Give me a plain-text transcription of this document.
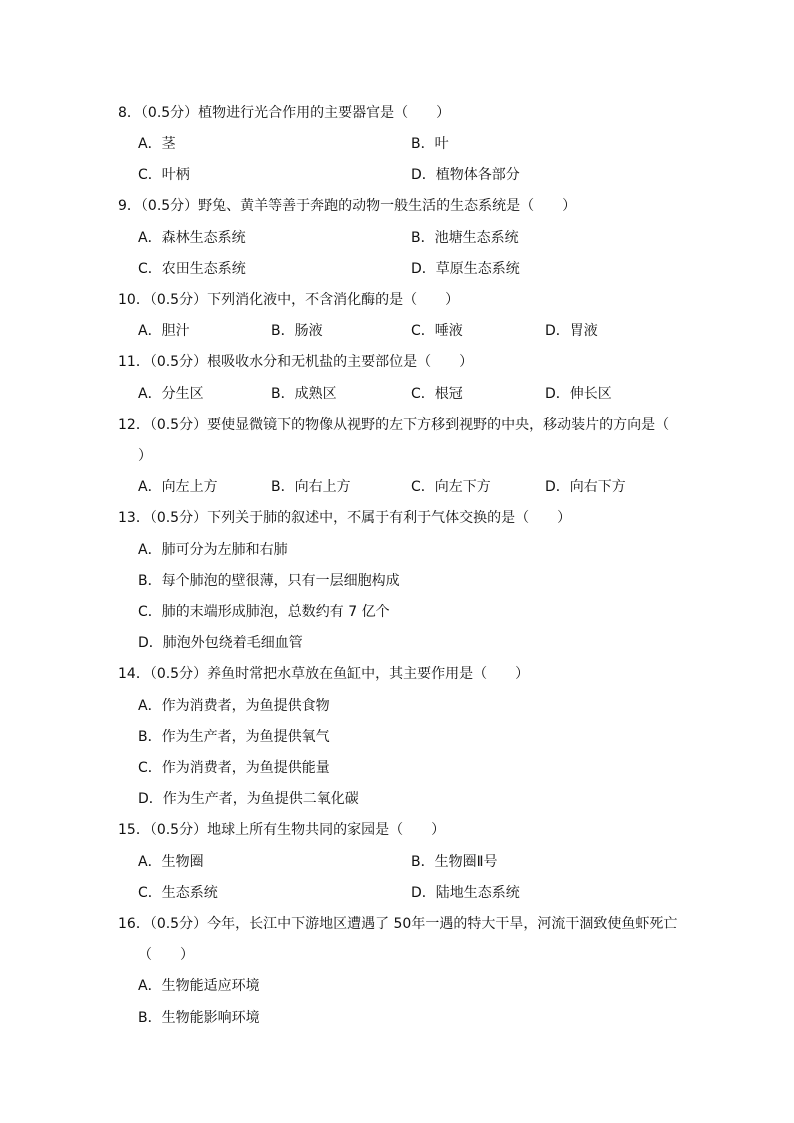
8．（0.5分）植物进行光合作用的主要器官是（　　）
A．茎	B．叶
C．叶柄	D．植物体各部分
9．（0.5分）野兔、黄羊等善于奔跑的动物一般生活的生态系统是（　　）
A．森林生态系统	B．池塘生态系统
C．农田生态系统	D．草原生态系统
10．（0.5分）下列消化液中，不含消化酶的是（　　）
A．胆汁	B．肠液	C．唾液	D．胃液
11．（0.5分）根吸收水分和无机盐的主要部位是（　　）
A．分生区	B．成熟区	C．根冠	D．伸长区
12．（0.5分）要使显微镜下的物像从视野的左下方移到视野的中央，移动装片的方向是（
）
A．向左上方	B．向右上方	C．向左下方	D．向右下方
13．（0.5分）下列关于肺的叙述中，不属于有利于气体交换的是（　　）
A．肺可分为左肺和右肺
B．每个肺泡的壁很薄，只有一层细胞构成
C．肺的末端形成肺泡，总数约有 7 亿个
D．肺泡外包绕着毛细血管
14．（0.5分）养鱼时常把水草放在鱼缸中，其主要作用是（　　）
A．作为消费者，为鱼提供食物
B．作为生产者，为鱼提供氧气
C．作为消费者，为鱼提供能量
D．作为生产者，为鱼提供二氧化碳
15．（0.5分）地球上所有生物共同的家园是（　　）
A．生物圈	B．生物圈Ⅱ号
C．生态系统	D．陆地生态系统
16．（0.5分）今年，长江中下游地区遭遇了 50年一遇的特大干旱，河流干涸致使鱼虾死亡
（　　）
A．生物能适应环境
B．生物能影响环境
